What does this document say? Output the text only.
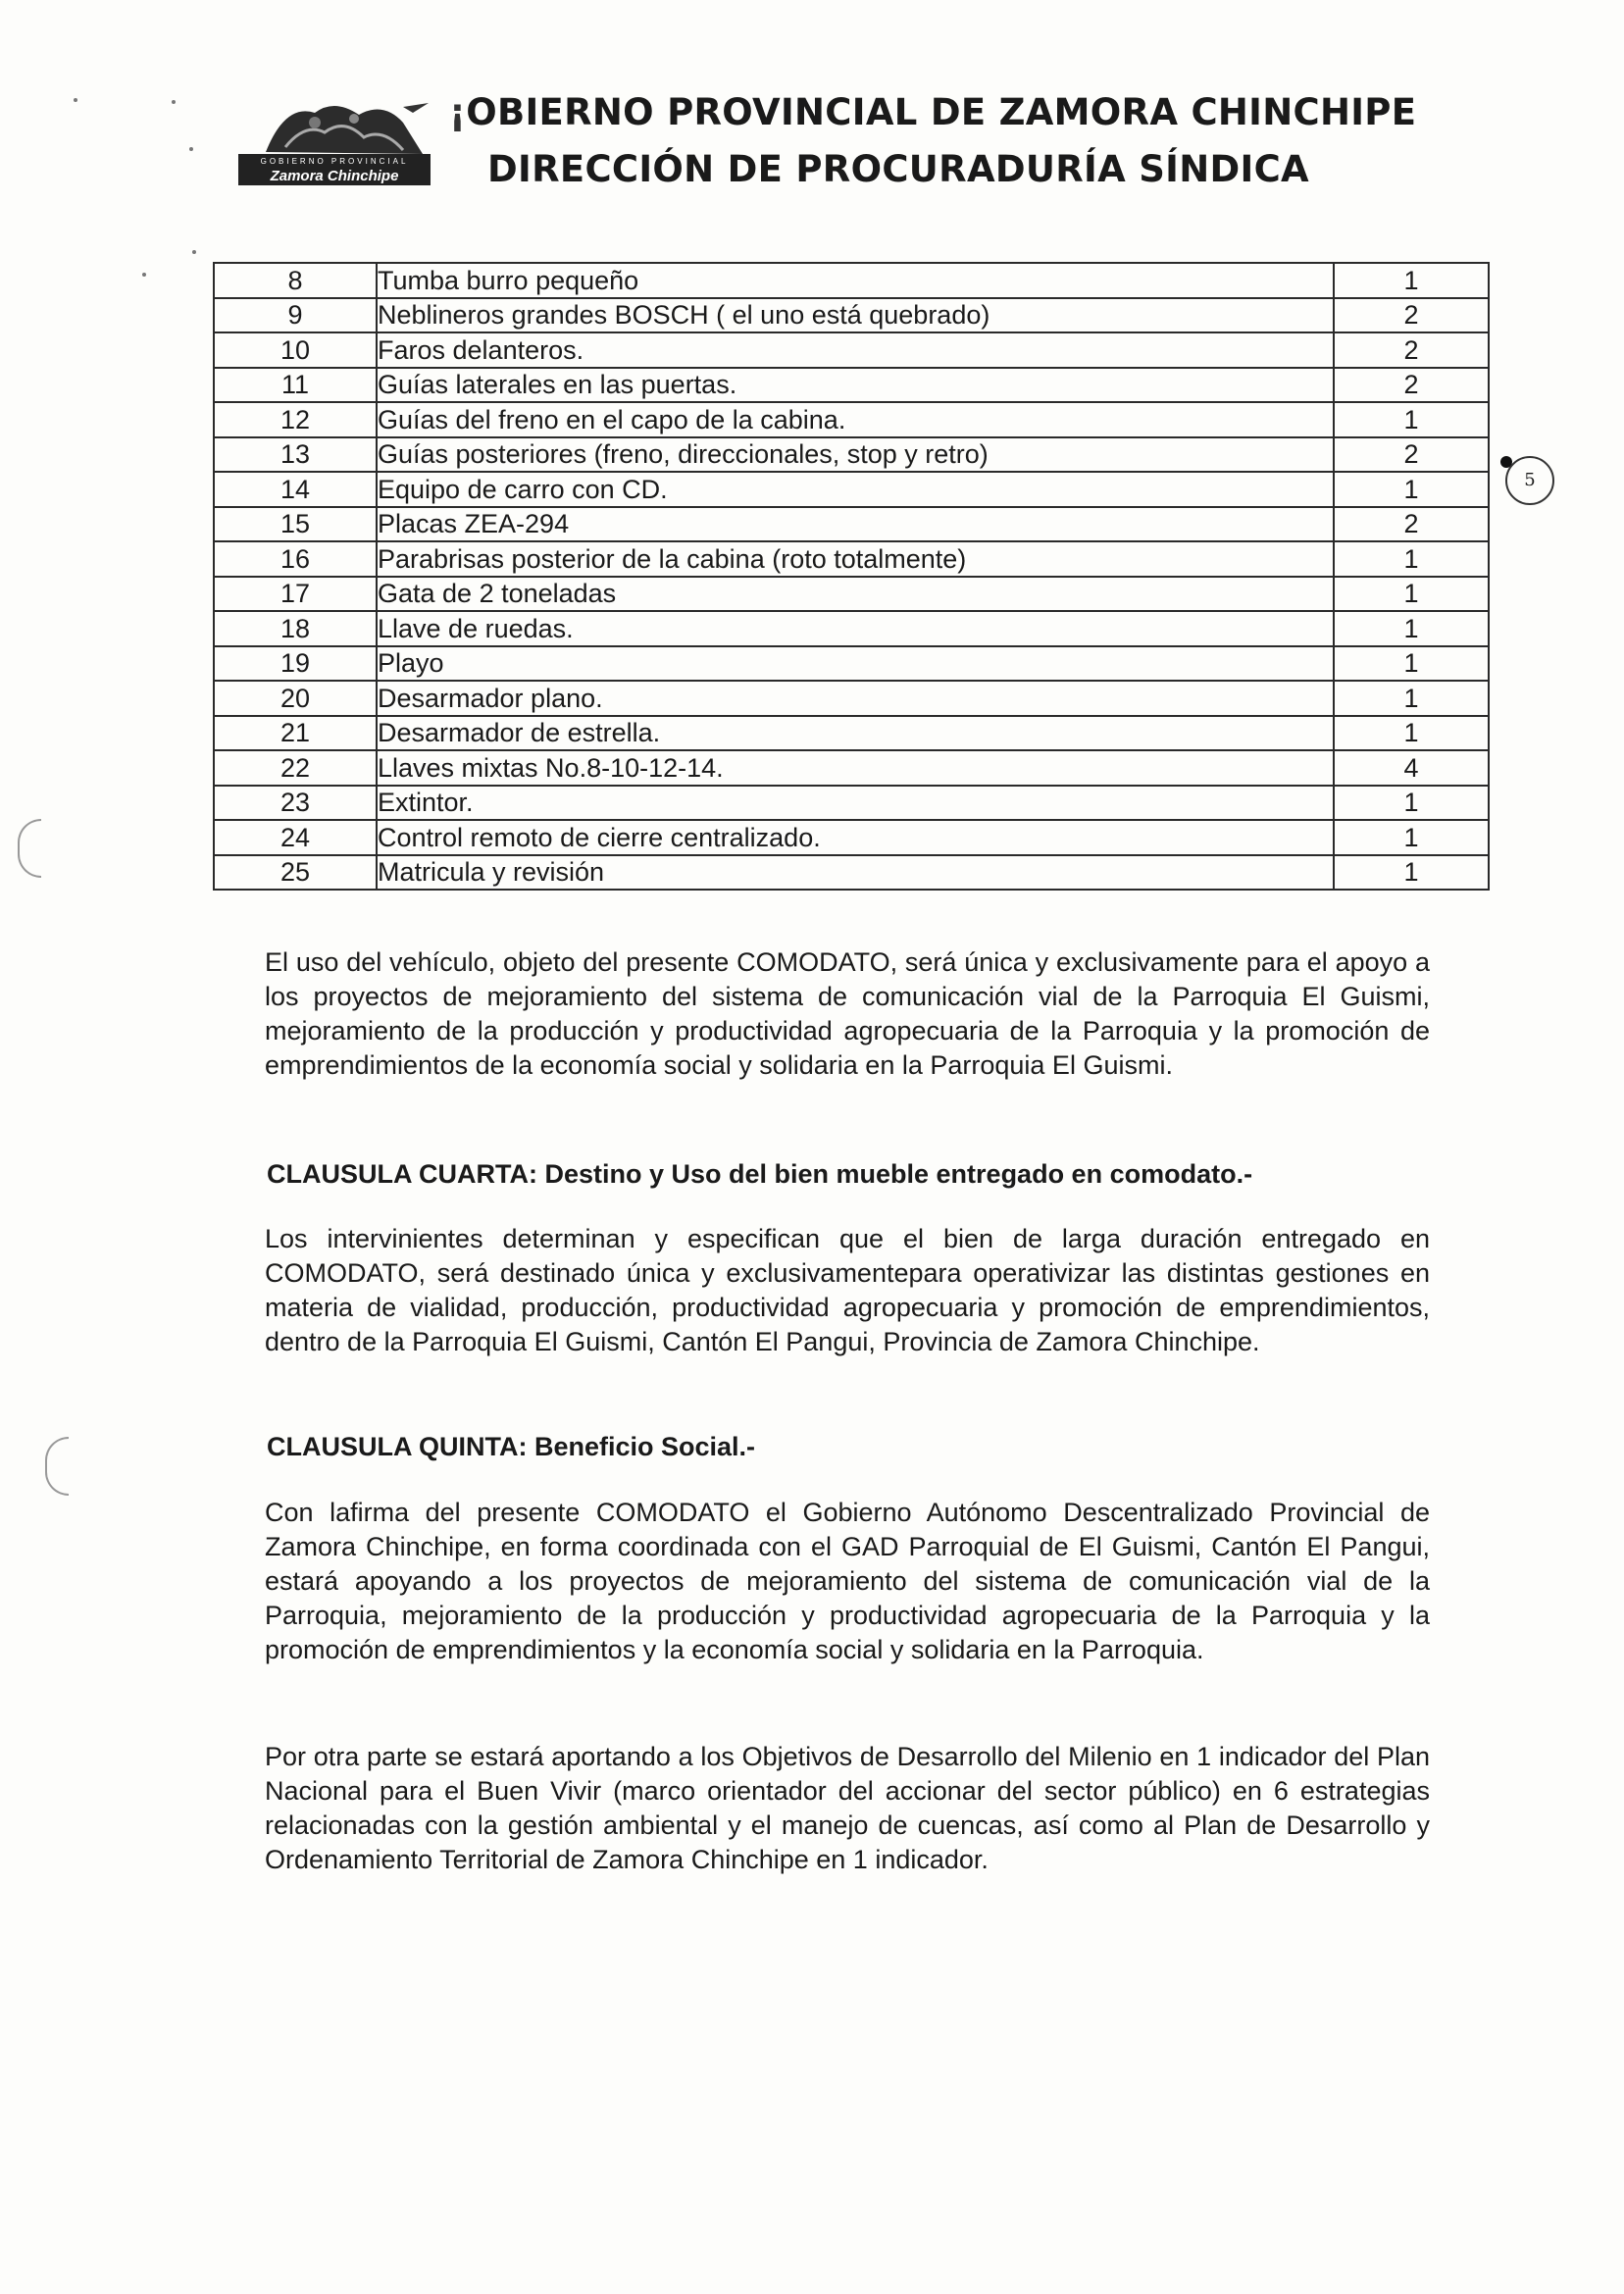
GOBIERNO PROVINCIAL
Zamora Chinchipe
¡OBIERNO PROVINCIAL DE ZAMORA CHINCHIPE
DIRECCIÓN DE PROCURADURÍA SÍNDICA
5
8	Tumba burro pequeño	1
9	Neblineros grandes BOSCH ( el uno está quebrado)	2
10	Faros delanteros.	2
11	Guías laterales en las puertas.	2
12	Guías del freno en el capo de la cabina.	1
13	Guías posteriores (freno, direccionales, stop y retro)	2
14	Equipo de carro con CD.	1
15	Placas ZEA-294	2
16	Parabrisas posterior de la cabina (roto totalmente)	1
17	Gata de 2 toneladas	1
18	Llave de ruedas.	1
19	Playo	1
20	Desarmador plano.	1
21	Desarmador de estrella.	1
22	Llaves mixtas No.8-10-12-14.	4
23	Extintor.	1
24	Control remoto de cierre centralizado.	1
25	Matricula y revisión	1

El uso del vehículo, objeto del presente COMODATO, será única y exclusivamente para el apoyo a los proyectos de mejoramiento del sistema de comunicación vial de la Parroquia El Guismi, mejoramiento de la producción y productividad agropecuaria de la Parroquia y la promoción de emprendimientos de la economía social y solidaria en la Parroquia El Guismi.

CLAUSULA CUARTA: Destino y Uso del bien mueble entregado en comodato.-

Los intervinientes determinan y especifican que el bien de larga duración entregado en COMODATO, será destinado única y exclusivamentepara operativizar las distintas gestiones en materia de vialidad, producción, productividad agropecuaria y promoción de emprendimientos, dentro de la Parroquia El Guismi, Cantón El Pangui, Provincia de Zamora Chinchipe.

CLAUSULA QUINTA: Beneficio Social.-

Con lafirma del presente COMODATO el Gobierno Autónomo Descentralizado Provincial de Zamora Chinchipe, en forma coordinada con el GAD Parroquial de El Guismi, Cantón El Pangui, estará apoyando a los proyectos de mejoramiento del sistema de comunicación vial de la Parroquia, mejoramiento de la producción y productividad agropecuaria de la Parroquia y la promoción de emprendimientos y la economía social y solidaria en la Parroquia.

Por otra parte se estará aportando a los Objetivos de Desarrollo del Milenio en 1 indicador del Plan Nacional para el Buen Vivir (marco orientador del accionar del sector público) en 6 estrategias relacionadas con la gestión ambiental y el manejo de cuencas, así como al Plan de Desarrollo y Ordenamiento Territorial de Zamora Chinchipe en 1 indicador.
